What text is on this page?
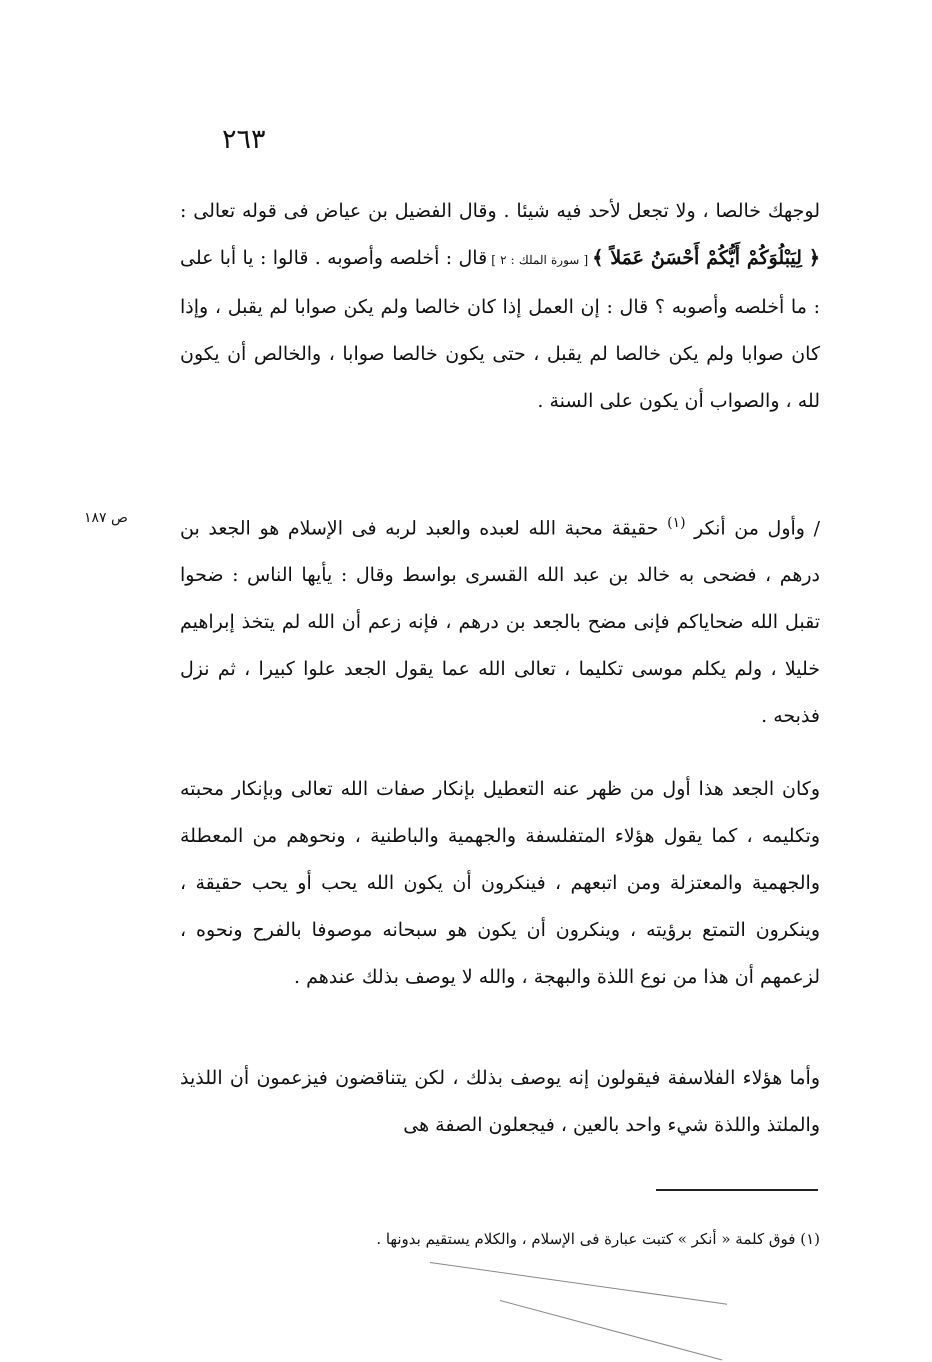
٢٦٣

لوجهك خالصا ، ولا تجعل لأحد فيه شيئا . وقال الفضيل بن عياض فى قوله تعالى : ﴿ لِيَبْلُوَكُمْ أَيُّكُمْ أَحْسَنُ عَمَلاً ﴾ [ سورة الملك : ٢ ] قال : أخلصه وأصوبه . قالوا : يا أبا على : ما أخلصه وأصوبه ؟ قال : إن العمل إذا كان خالصا ولم يكن صوابا لم يقبل ، وإذا كان صوابا ولم يكن خالصا لم يقبل ، حتى يكون خالصا صوابا ، والخالص أن يكون لله ، والصواب أن يكون على السنة .

ص ١٨٧	/ وأول من أنكر $^{(١)}$ حقيقة محبة الله لعبده والعبد لربه فى الإسلام هو الجعد بن درهم ، فضحى به خالد بن عبد الله القسرى بواسط وقال : يأيها الناس : ضحوا تقبل الله ضحاياكم فإنى مضح بالجعد بن درهم ، فإنه زعم أن الله لم يتخذ إبراهيم خليلا ، ولم يكلم موسى تكليما ، تعالى الله عما يقول الجعد علوا كبيرا ، ثم نزل فذبحه .

وكان الجعد هذا أول من ظهر عنه التعطيل بإنكار صفات الله تعالى وبإنكار محبته وتكليمه ، كما يقول هؤلاء المتفلسفة والجهمية والباطنية ، ونحوهم من المعطلة والجهمية والمعتزلة ومن اتبعهم ، فينكرون أن يكون الله يحب أو يحب حقيقة ، وينكرون التمتع برؤيته ، وينكرون أن يكون هو سبحانه موصوفا بالفرح ونحوه ، لزعمهم أن هذا من نوع اللذة والبهجة ، والله لا يوصف بذلك عندهم .

وأما هؤلاء الفلاسفة فيقولون إنه يوصف بذلك ، لكن يتناقضون فيزعمون أن اللذيذ والملتذ واللذة شيء واحد بالعين ، فيجعلون الصفة هى

(١) فوق كلمة « أنكر » كتبت عبارة فى الإسلام ، والكلام يستقيم بدونها .
